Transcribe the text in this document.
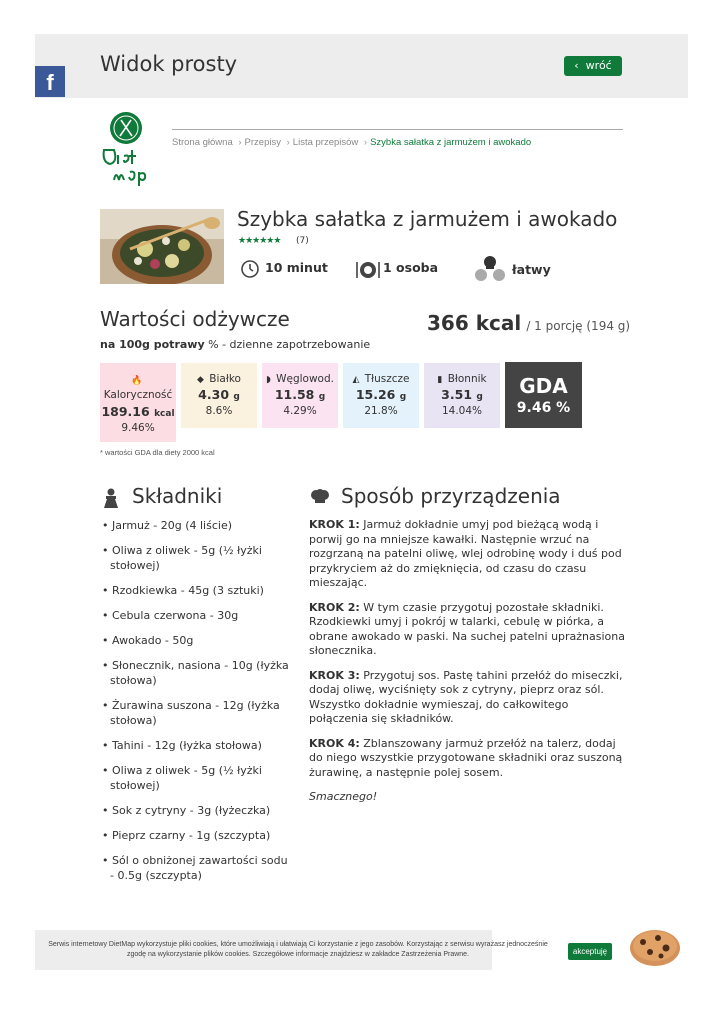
Widok prosty	‹  wróć
f
Strona główna › Przepisy › Lista przepisów › Szybka sałatka z jarmużem i awokado
Szybka sałatka z jarmużem i awokado
★★★★★★ (7)
10 minut	1 osoba	łatwy
Wartości odżywcze	366 kcal / 1 porcję (194 g)
na 100g potrawy % - dzienne zapotrzebowanie
🔥
Kaloryczność
189.16 kcal
9.46%
◆ Białko
4.30 g
8.6%
◗ Węglowod.
11.58 g
4.29%
◭ Tłuszcze
15.26 g
21.8%
▮ Błonnik
3.51 g
14.04%
GDA
9.46 %
* wartości GDA dla diety 2000 kcal
Składniki
• Jarmuż - 20g (4 liście)
• Oliwa z oliwek - 5g (½ łyżki stołowej)
• Rzodkiewka - 45g (3 sztuki)
• Cebula czerwona - 30g
• Awokado - 50g
• Słonecznik, nasiona - 10g (łyżka stołowa)
• Żurawina suszona - 12g (łyżka stołowa)
• Tahini - 12g (łyżka stołowa)
• Oliwa z oliwek - 5g (½ łyżki stołowej)
• Sok z cytryny - 3g (łyżeczka)
• Pieprz czarny - 1g (szczypta)
• Sól o obniżonej zawartości sodu - 0.5g (szczypta)
Sposób przyrządzenia

KROK 1: Jarmuż dokładnie umyj pod bieżącą wodą i porwij go na mniejsze kawałki. Następnie wrzuć na rozgrzaną na patelni oliwę, wlej odrobinę wody i duś pod przykryciem aż do zmięknięcia, od czasu do czasu mieszając.

KROK 2: W tym czasie przygotuj pozostałe składniki. Rzodkiewki umyj i pokrój w talarki, cebulę w piórka, a obrane awokado w paski. Na suchej patelni uprażnasiona słonecznika.

KROK 3: Przygotuj sos. Pastę tahini przełóż do miseczki, dodaj oliwę, wyciśnięty sok z cytryny, pieprz oraz sól. Wszystko dokładnie wymieszaj, do całkowitego połączenia się składników.

KROK 4: Zblanszowany jarmuż przełóż na talerz, dodaj do niego wszystkie przygotowane składniki oraz suszoną żurawinę, a następnie polej sosem.

Smacznego!

Serwis internetowy DietMap wykorzystuje pliki cookies, które umożliwiają i ułatwiają Ci korzystanie z jego zasobów. Korzystając z serwisu wyrażasz jednocześnie zgodę na wykorzystanie plików cookies. Szczegółowe informacje znajdziesz w zakładce Zastrzeżenia Prawne.	akceptuję
